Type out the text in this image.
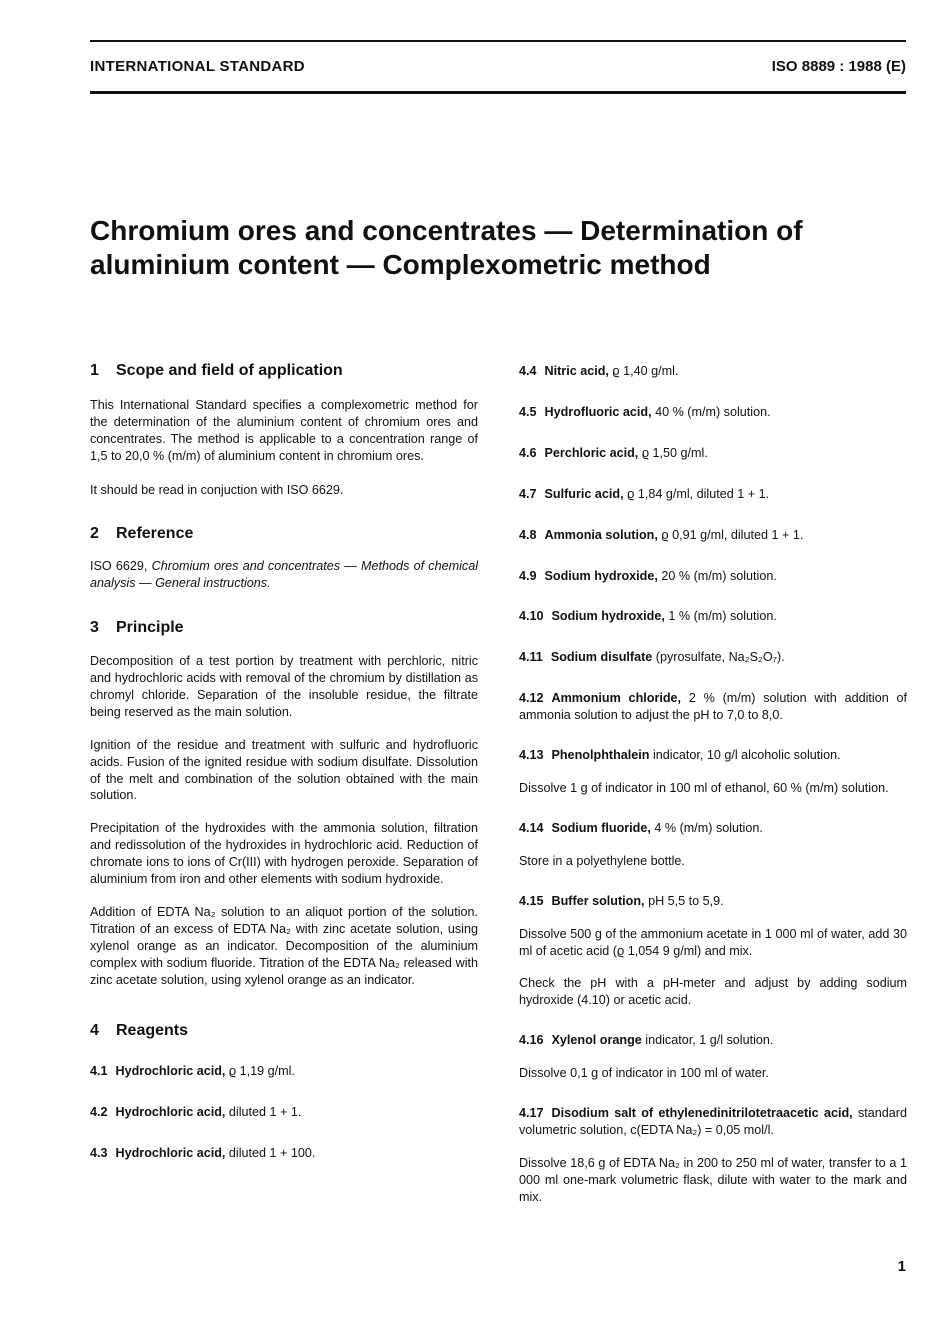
INTERNATIONAL STANDARD	ISO 8889 : 1988 (E)
Chromium ores and concentrates — Determination of
aluminium content — Complexometric method
1 Scope and field of application

This International Standard specifies a complexometric method for the determination of the aluminium content of chromium ores and concentrates. The method is applicable to a concentration range of 1,5 to 20,0 % (m/m) of aluminium content in chromium ores.

It should be read in conjuction with ISO 6629.

2 Reference

ISO 6629, Chromium ores and concentrates — Methods of chemical analysis — General instructions.

3 Principle

Decomposition of a test portion by treatment with perchloric, nitric and hydrochloric acids with removal of the chromium by distillation as chromyl chloride. Separation of the insoluble residue, the filtrate being reserved as the main solution.

Ignition of the residue and treatment with sulfuric and hydrofluoric acids. Fusion of the ignited residue with sodium disulfate. Dissolution of the melt and combination of the solution obtained with the main solution.

Precipitation of the hydroxides with the ammonia solution, filtration and redissolution of the hydroxides in hydrochloric acid. Reduction of chromate ions to ions of Cr(III) with hydrogen peroxide. Separation of aluminium from iron and other elements with sodium hydroxide.

Addition of EDTA Na₂ solution to an aliquot portion of the solution. Titration of an excess of EDTA Na₂ with zinc acetate solution, using xylenol orange as an indicator. Decomposition of the aluminium complex with sodium fluoride. Titration of the EDTA Na₂ released with zinc acetate solution, using xylenol orange as an indicator.

4 Reagents

4.1 Hydrochloric acid, ϱ 1,19 g/ml.

4.2 Hydrochloric acid, diluted 1 + 1.

4.3 Hydrochloric acid, diluted 1 + 100.

4.4 Nitric acid, ϱ 1,40 g/ml.

4.5 Hydrofluoric acid, 40 % (m/m) solution.

4.6 Perchloric acid, ϱ 1,50 g/ml.

4.7 Sulfuric acid, ϱ 1,84 g/ml, diluted 1 + 1.

4.8 Ammonia solution, ϱ 0,91 g/ml, diluted 1 + 1.

4.9 Sodium hydroxide, 20 % (m/m) solution.

4.10 Sodium hydroxide, 1 % (m/m) solution.

4.11 Sodium disulfate (pyrosulfate, Na₂S₂O₇).

4.12 Ammonium chloride, 2 % (m/m) solution with addition of ammonia solution to adjust the pH to 7,0 to 8,0.

4.13 Phenolphthalein indicator, 10 g/l alcoholic solution.

Dissolve 1 g of indicator in 100 ml of ethanol, 60 % (m/m) solution.

4.14 Sodium fluoride, 4 % (m/m) solution.

Store in a polyethylene bottle.

4.15 Buffer solution, pH 5,5 to 5,9.

Dissolve 500 g of the ammonium acetate in 1 000 ml of water, add 30 ml of acetic acid (ϱ 1,054 9 g/ml) and mix.

Check the pH with a pH-meter and adjust by adding sodium hydroxide (4.10) or acetic acid.

4.16 Xylenol orange indicator, 1 g/l solution.

Dissolve 0,1 g of indicator in 100 ml of water.

4.17 Disodium salt of ethylenedinitrilotetraacetic acid, standard volumetric solution, c(EDTA Na₂) = 0,05 mol/l.

Dissolve 18,6 g of EDTA Na₂ in 200 to 250 ml of water, transfer to a 1 000 ml one-mark volumetric flask, dilute with water to the mark and mix.

1
